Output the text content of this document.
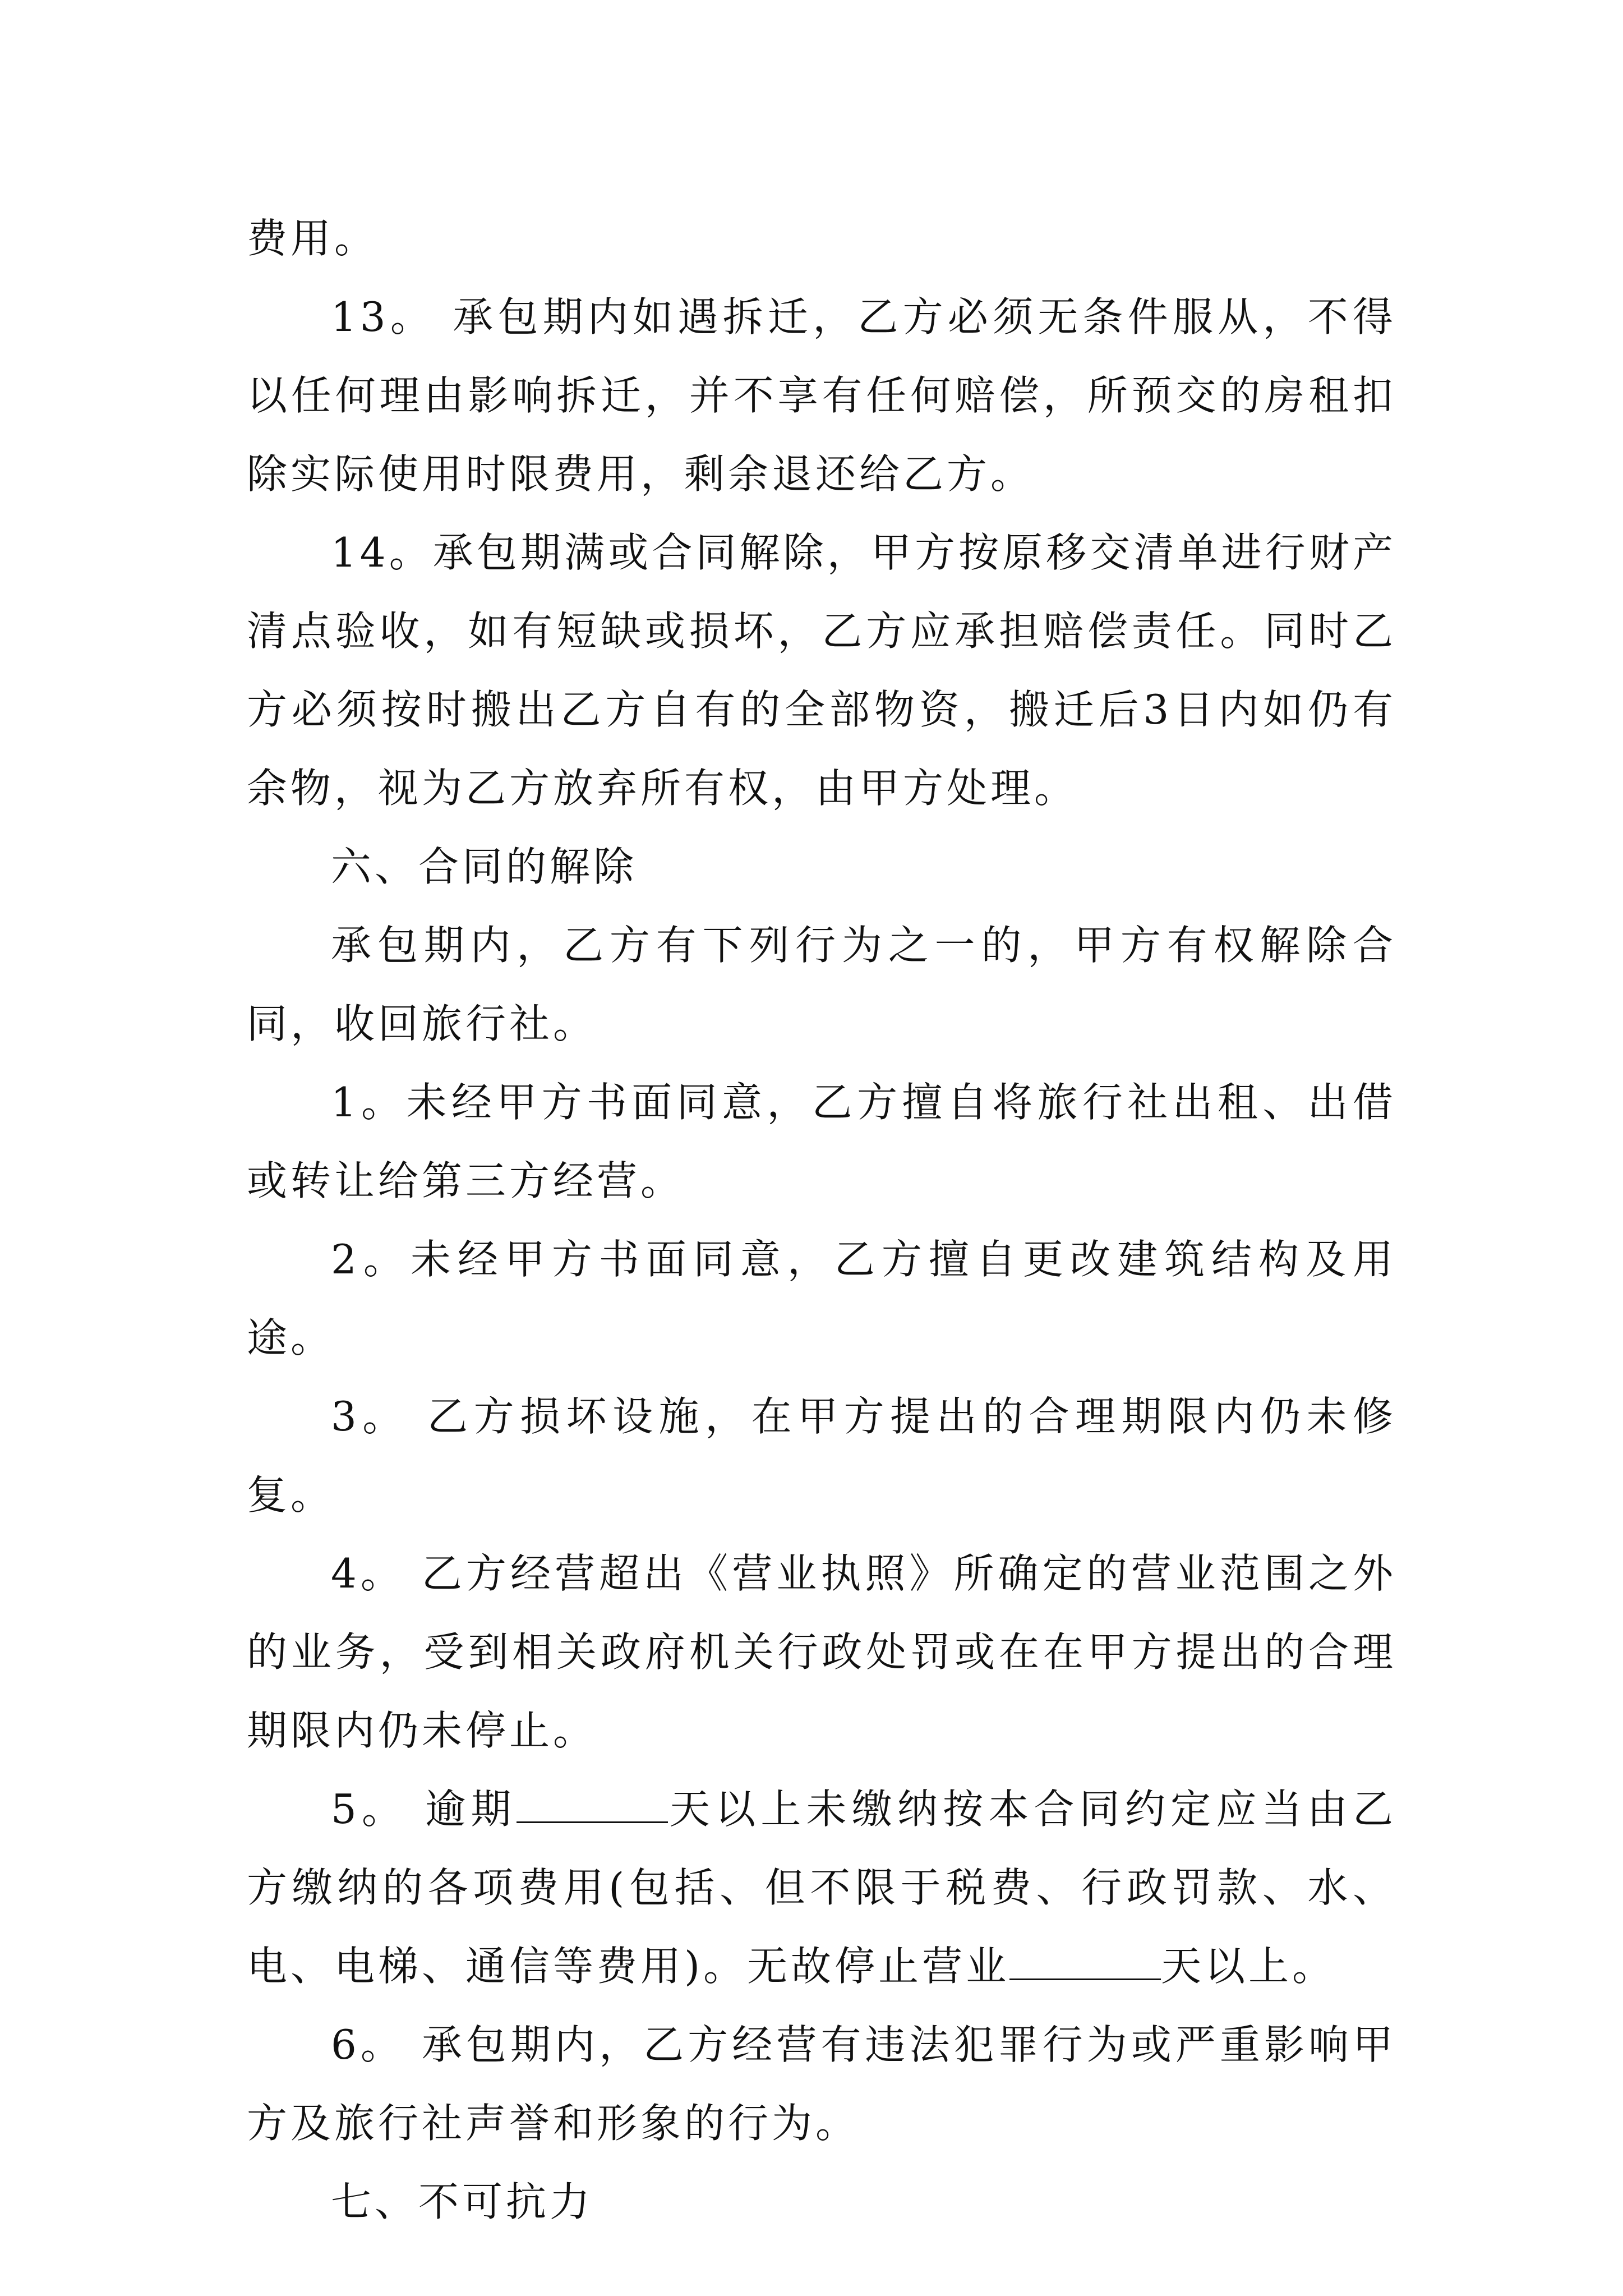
费用。

13。 承包期内如遇拆迁，乙方必须无条件服从，不得以任何理由影响拆迁，并不享有任何赔偿，所预交的房租扣除实际使用时限费用，剩余退还给乙方。

14。承包期满或合同解除，甲方按原移交清单进行财产清点验收，如有短缺或损坏，乙方应承担赔偿责任。同时乙方必须按时搬出乙方自有的全部物资，搬迁后3日内如仍有余物，视为乙方放弃所有权，由甲方处理。

六、合同的解除

承包期内，乙方有下列行为之一的，甲方有权解除合同，收回旅行社。

1。未经甲方书面同意，乙方擅自将旅行社出租、出借或转让给第三方经营。

2。未经甲方书面同意，乙方擅自更改建筑结构及用途。

3。 乙方损坏设施，在甲方提出的合理期限内仍未修复。

4。 乙方经营超出《营业执照》所确定的营业范围之外的业务，受到相关政府机关行政处罚或在在甲方提出的合理期限内仍未停止。

5。 逾期	天以上未缴纳按本合同约定应当由乙方缴纳的各项费用(包括、但不限于税费、行政罚款、水、电、电梯、通信等费用)。无故停止营业	天以上。

6。 承包期内，乙方经营有违法犯罪行为或严重影响甲方及旅行社声誉和形象的行为。

七、不可抗力
